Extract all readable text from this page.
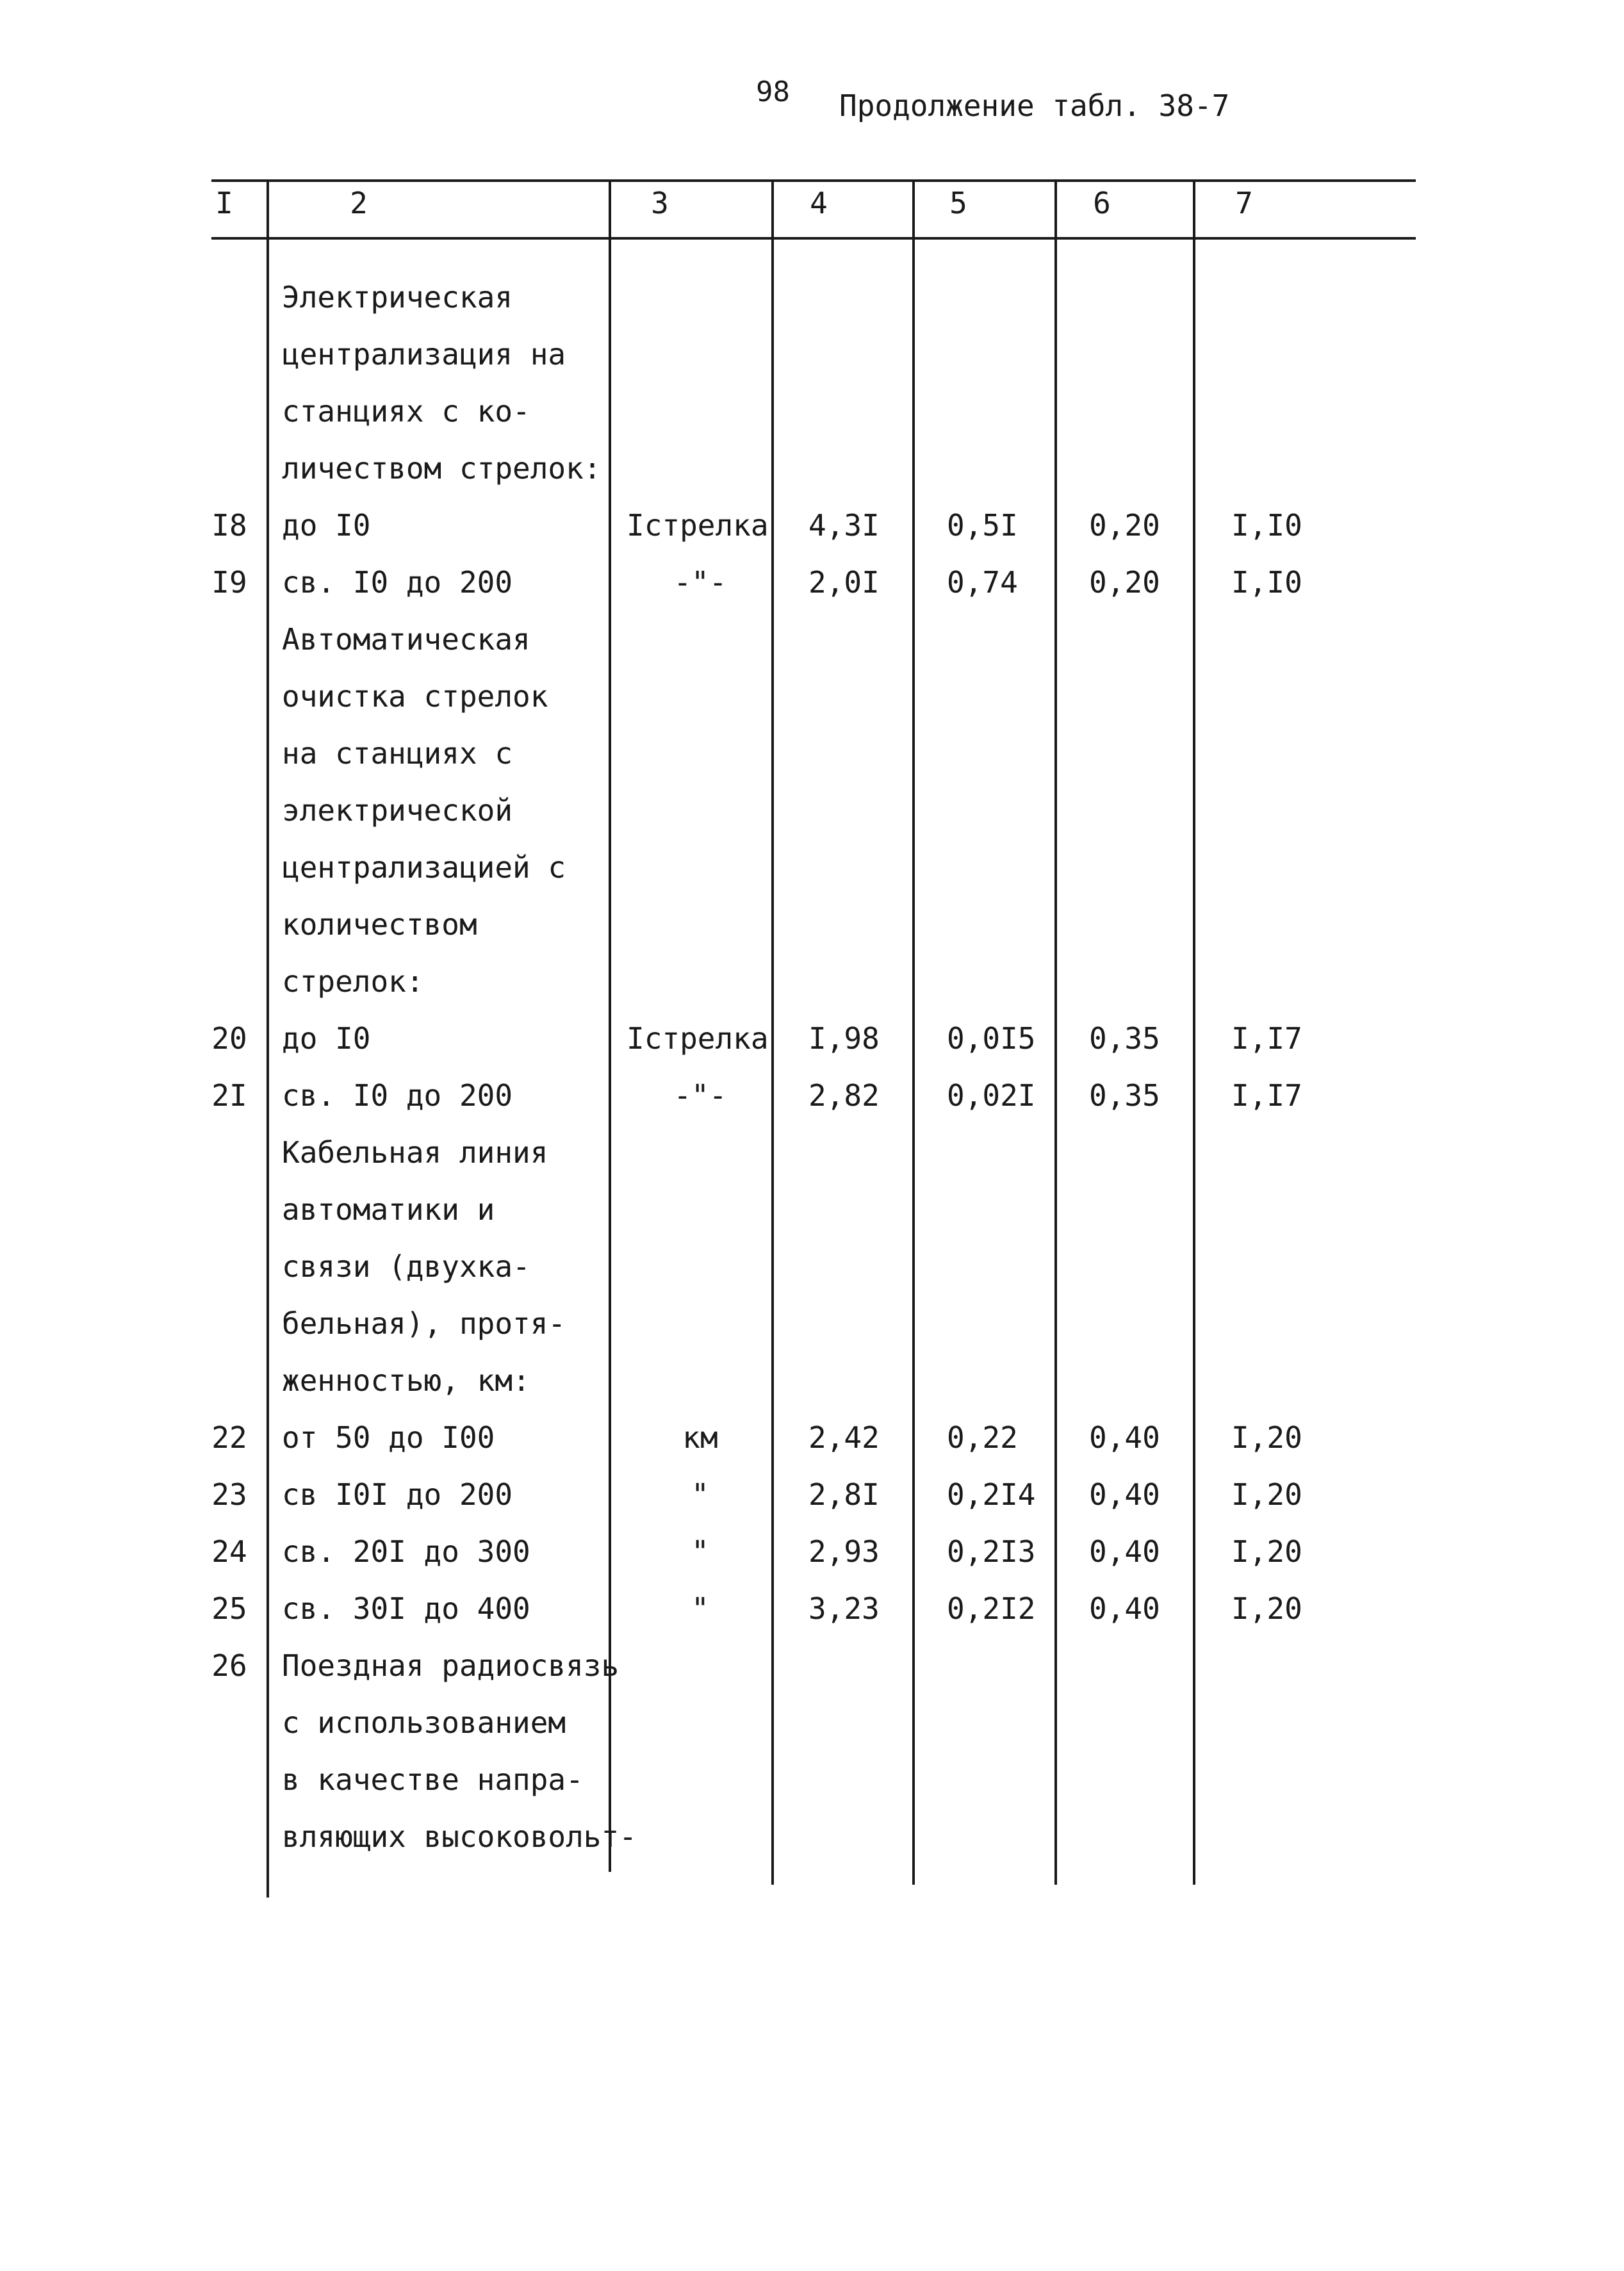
98 Продолжение табл. 38-7
I	2	3	4	5	6	7
Электрическая
централизация на
станциях с ко-
личеством стрелок:
I8 до I0	Iстрелка 4,3I 0,5I 0,20 I,I0
I9 св. I0 до 200	-"-	2,0I 0,74 0,20 I,I0
Автоматическая
очистка стрелок
на станциях с
электрической
централизацией с
количеством
стрелок:
20 до I0	Iстрелка I,98 0,0I5 0,35 I,I7
2I св. I0 до 200	-"-	2,82 0,02I 0,35 I,I7
Кабельная линия
автоматики и
связи (двухка-
бельная), протя-
женностью, км:
22 от 50 до I00	км	2,42 0,22 0,40 I,20
23 св I0I до 200	"	2,8I 0,2I4 0,40 I,20
24 св. 20I до 300	"	2,93 0,2I3 0,40 I,20
25 св. 30I до 400	"	3,23 0,2I2 0,40 I,20
26 Поездная радиосвязь
с использованием
в качестве напра-
вляющих высоковольт-
